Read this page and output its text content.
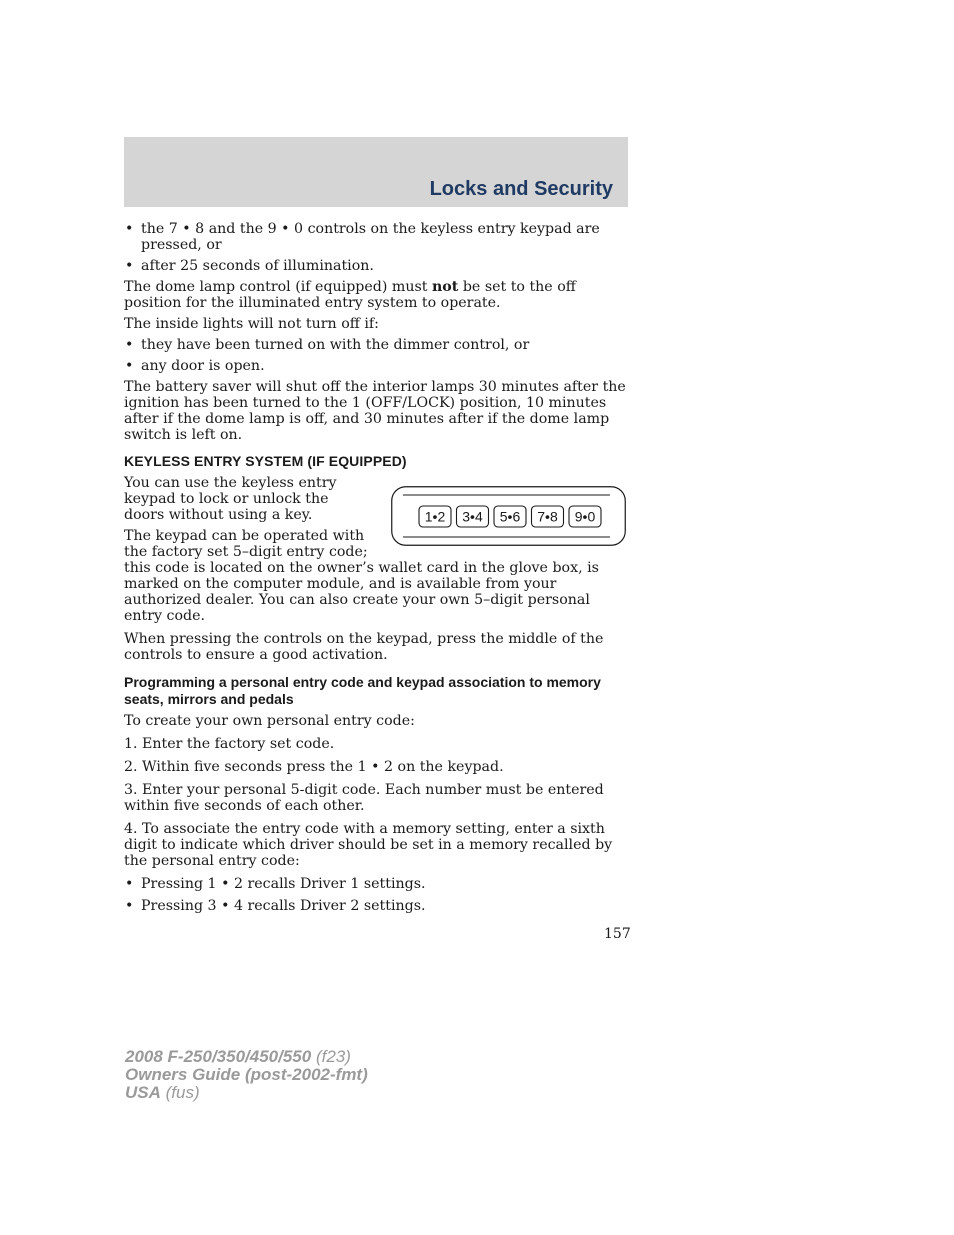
Locks and Security
• the 7 • 8 and the 9 • 0 controls on the keyless entry keypad are pressed, or
• after 25 seconds of illumination.

The dome lamp control (if equipped) must not be set to the off position for the illuminated entry system to operate.

The inside lights will not turn off if:

• they have been turned on with the dimmer control, or
• any door is open.

The battery saver will shut off the interior lamps 30 minutes after the ignition has been turned to the 1 (OFF/LOCK) position, 10 minutes after if the dome lamp is off, and 30 minutes after if the dome lamp switch is left on.

KEYLESS ENTRY SYSTEM (IF EQUIPPED)

You can use the keyless entry keypad to lock or unlock the doors without using a key.

The keypad can be operated with the factory set 5–digit entry code;
this code is located on the owner’s wallet card in the glove box, is marked on the computer module, and is available from your authorized dealer. You can also create your own 5–digit personal entry code.

When pressing the controls on the keypad, press the middle of the controls to ensure a good activation.

Programming a personal entry code and keypad association to memory seats, mirrors and pedals

To create your own personal entry code:

1. Enter the factory set code.

2. Within five seconds press the 1 • 2 on the keypad.

3. Enter your personal 5-digit code. Each number must be entered within five seconds of each other.

4. To associate the entry code with a memory setting, enter a sixth digit to indicate which driver should be set in a memory recalled by the personal entry code:

• Pressing 1 • 2 recalls Driver 1 settings.
• Pressing 3 • 4 recalls Driver 2 settings.
1•2 3•4 5•6 7•8 9•0

157

2008 F-250/350/450/550 (f23)
Owners Guide (post-2002-fmt)
USA (fus)
